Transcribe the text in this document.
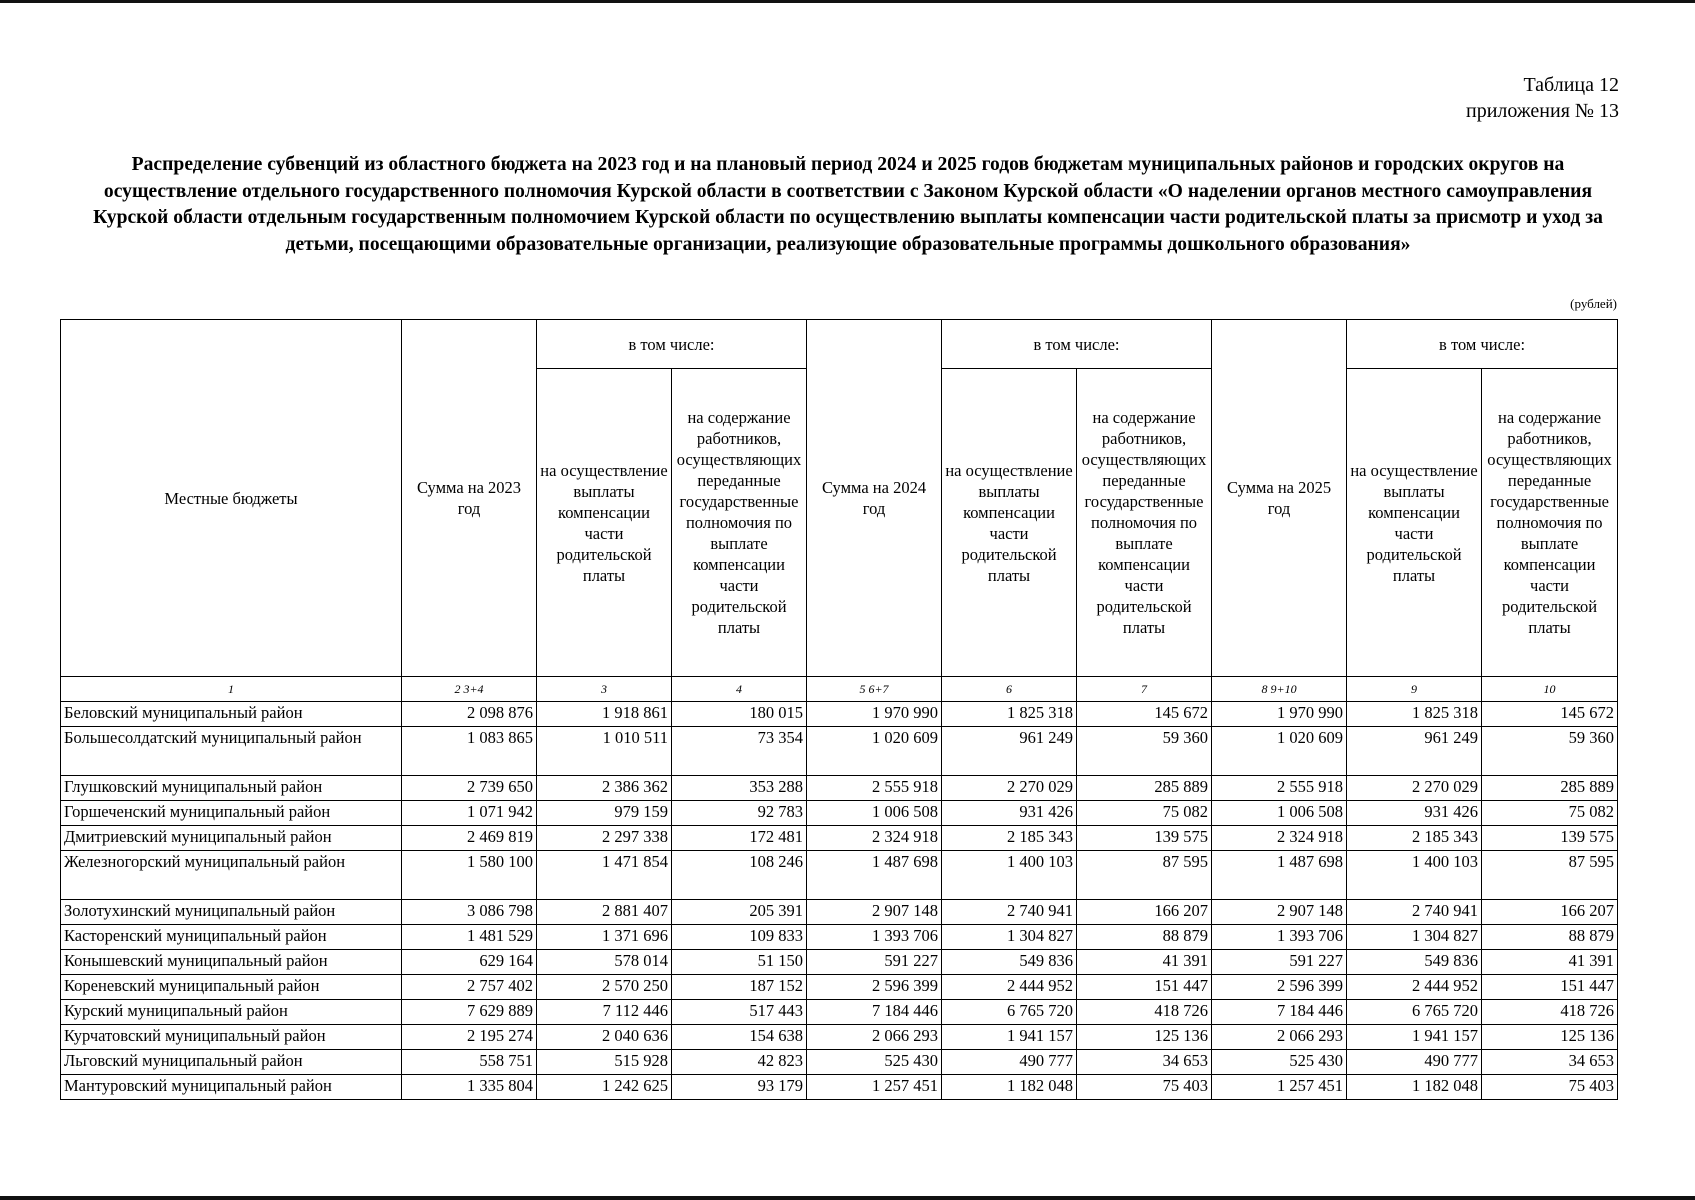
Таблица 12
приложения № 13
Распределение субвенций из областного бюджета на 2023 год и на плановый период 2024 и 2025 годов бюджетам муниципальных районов и городских округов на осуществление отдельного государственного полномочия Курской области в соответствии с Законом Курской области «О наделении органов местного самоуправления Курской области отдельным государственным полномочием Курской области по осуществлению выплаты компенсации части родительской платы за присмотр и уход за детьми, посещающими образовательные организации, реализующие образовательные программы дошкольного образования»
(рублей)
Местные бюджеты	Сумма на 2023 год	в том числе:		Сумма на 2024 год	в том числе:		Сумма на 2025 год	в том числе:	
		на осуществление выплаты компенсации части родительской платы	на содержание работников, осуществляющих переданные государственные полномочия по выплате компенсации части родительской платы		на осуществление выплаты компенсации части родительской платы	на содержание работников, осуществляющих переданные государственные полномочия по выплате компенсации части родительской платы		на осуществление выплаты компенсации части родительской платы	на содержание работников, осуществляющих переданные государственные полномочия по выплате компенсации части родительской платы
1	2 3+4	3	4	5 6+7	6	7	8 9+10	9	10
Беловский муниципальный район	2 098 876	1 918 861	180 015	1 970 990	1 825 318	145 672	1 970 990	1 825 318	145 672
Большесолдатский муниципальный район	1 083 865	1 010 511	73 354	1 020 609	961 249	59 360	1 020 609	961 249	59 360
Глушковский муниципальный район	2 739 650	2 386 362	353 288	2 555 918	2 270 029	285 889	2 555 918	2 270 029	285 889
Горшеченский муниципальный район	1 071 942	979 159	92 783	1 006 508	931 426	75 082	1 006 508	931 426	75 082
Дмитриевский муниципальный район	2 469 819	2 297 338	172 481	2 324 918	2 185 343	139 575	2 324 918	2 185 343	139 575
Железногорский муниципальный район	1 580 100	1 471 854	108 246	1 487 698	1 400 103	87 595	1 487 698	1 400 103	87 595
Золотухинский муниципальный район	3 086 798	2 881 407	205 391	2 907 148	2 740 941	166 207	2 907 148	2 740 941	166 207
Касторенский муниципальный район	1 481 529	1 371 696	109 833	1 393 706	1 304 827	88 879	1 393 706	1 304 827	88 879
Конышевский муниципальный район	629 164	578 014	51 150	591 227	549 836	41 391	591 227	549 836	41 391
Кореневский муниципальный район	2 757 402	2 570 250	187 152	2 596 399	2 444 952	151 447	2 596 399	2 444 952	151 447
Курский муниципальный район	7 629 889	7 112 446	517 443	7 184 446	6 765 720	418 726	7 184 446	6 765 720	418 726
Курчатовский муниципальный район	2 195 274	2 040 636	154 638	2 066 293	1 941 157	125 136	2 066 293	1 941 157	125 136
Льговский муниципальный район	558 751	515 928	42 823	525 430	490 777	34 653	525 430	490 777	34 653
Мантуровский муниципальный район	1 335 804	1 242 625	93 179	1 257 451	1 182 048	75 403	1 257 451	1 182 048	75 403
